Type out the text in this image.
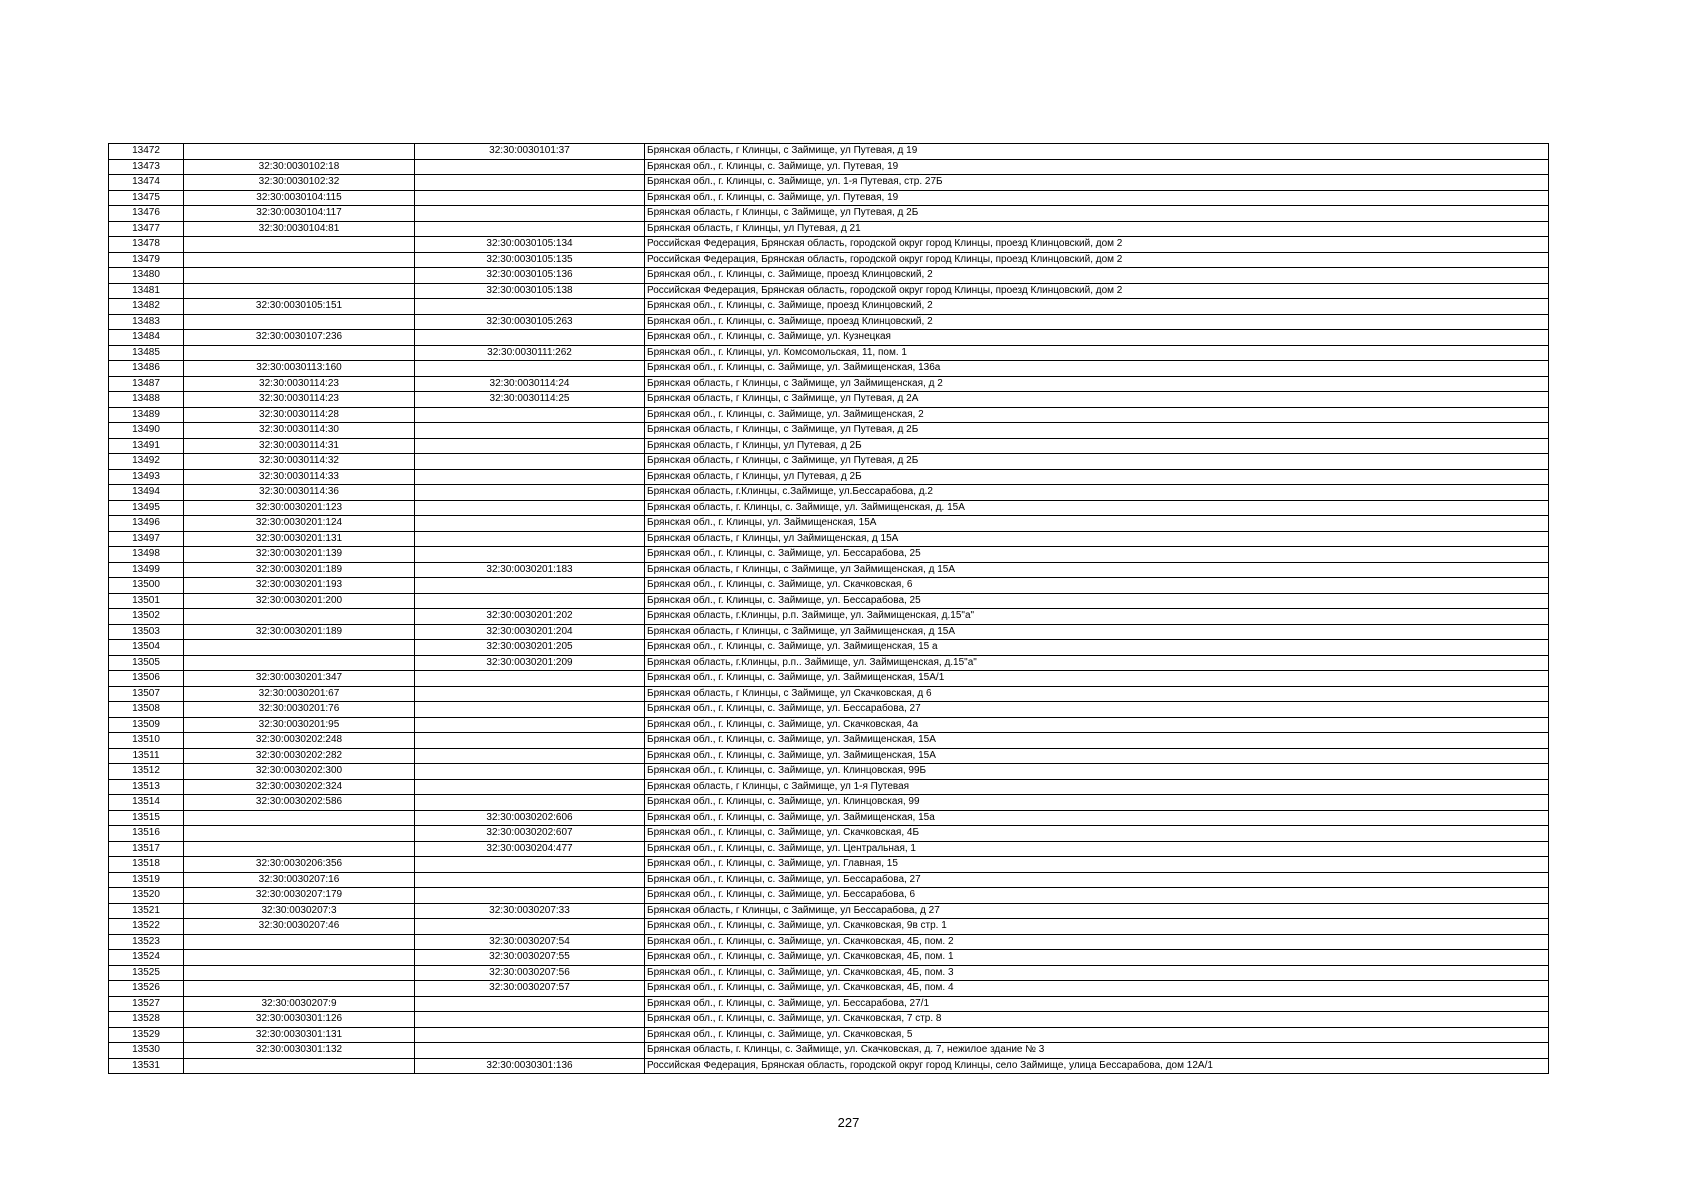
13472		32:30:0030101:37	Брянская область, г Клинцы, с Займище, ул Путевая, д 19
13473	32:30:0030102:18		Брянская обл., г. Клинцы, с. Займище, ул. Путевая, 19
13474	32:30:0030102:32		Брянская обл., г. Клинцы, с. Займище, ул. 1-я Путевая, стр. 27Б
13475	32:30:0030104:115		Брянская обл., г. Клинцы, с. Займище, ул. Путевая, 19
13476	32:30:0030104:117		Брянская область, г Клинцы, с Займище, ул Путевая, д 2Б
13477	32:30:0030104:81		Брянская область, г Клинцы, ул Путевая, д 21
13478		32:30:0030105:134	Российская Федерация, Брянская область, городской округ город Клинцы, проезд Клинцовский, дом 2
13479		32:30:0030105:135	Российская Федерация, Брянская область, городской округ город Клинцы, проезд Клинцовский, дом 2
13480		32:30:0030105:136	Брянская обл., г. Клинцы, с. Займище, проезд Клинцовский, 2
13481		32:30:0030105:138	Российская Федерация, Брянская область, городской округ город Клинцы, проезд Клинцовский, дом 2
13482	32:30:0030105:151		Брянская обл., г. Клинцы, с. Займище, проезд Клинцовский, 2
13483		32:30:0030105:263	Брянская обл., г. Клинцы, с. Займище, проезд Клинцовский, 2
13484	32:30:0030107:236		Брянская обл., г. Клинцы, с. Займище, ул. Кузнецкая
13485		32:30:0030111:262	Брянская обл., г. Клинцы, ул. Комсомольская, 11, пом. 1
13486	32:30:0030113:160		Брянская обл., г. Клинцы, с. Займище, ул. Займищенская, 136а
13487	32:30:0030114:23	32:30:0030114:24	Брянская область, г Клинцы, с Займище, ул Займищенская, д 2
13488	32:30:0030114:23	32:30:0030114:25	Брянская область, г Клинцы, с Займище, ул Путевая, д 2А
13489	32:30:0030114:28		Брянская обл., г. Клинцы, с. Займище, ул. Займищенская, 2
13490	32:30:0030114:30		Брянская область, г Клинцы, с Займище, ул Путевая, д 2Б
13491	32:30:0030114:31		Брянская область, г Клинцы, ул Путевая, д 2Б
13492	32:30:0030114:32		Брянская область, г Клинцы, с Займище, ул Путевая, д 2Б
13493	32:30:0030114:33		Брянская область, г Клинцы, ул Путевая, д 2Б
13494	32:30:0030114:36		Брянская область, г.Клинцы, с.Займище, ул.Бессарабова, д.2
13495	32:30:0030201:123		Брянская область, г. Клинцы, с. Займище, ул. Займищенская, д. 15А
13496	32:30:0030201:124		Брянская обл., г. Клинцы, ул. Займищенская, 15А
13497	32:30:0030201:131		Брянская область, г Клинцы, ул Займищенская, д 15А
13498	32:30:0030201:139		Брянская обл., г. Клинцы, с. Займище, ул. Бессарабова, 25
13499	32:30:0030201:189	32:30:0030201:183	Брянская область, г Клинцы, с Займище, ул Займищенская, д 15А
13500	32:30:0030201:193		Брянская обл., г. Клинцы, с. Займище, ул. Скачковская, 6
13501	32:30:0030201:200		Брянская обл., г. Клинцы, с. Займище, ул. Бессарабова, 25
13502		32:30:0030201:202	Брянская область, г.Клинцы, р.п. Займище, ул. Займищенская, д.15"а"
13503	32:30:0030201:189	32:30:0030201:204	Брянская область, г Клинцы, с Займище, ул Займищенская, д 15А
13504		32:30:0030201:205	Брянская обл., г. Клинцы, с. Займище, ул. Займищенская, 15 а
13505		32:30:0030201:209	Брянская область, г.Клинцы, р.п.. Займище, ул. Займищенская, д.15"а"
13506	32:30:0030201:347		Брянская обл., г. Клинцы, с. Займище, ул. Займищенская, 15А/1
13507	32:30:0030201:67		Брянская область, г Клинцы, с Займище, ул Скачковская, д 6
13508	32:30:0030201:76		Брянская обл., г. Клинцы, с. Займище, ул. Бессарабова, 27
13509	32:30:0030201:95		Брянская обл., г. Клинцы, с. Займище, ул. Скачковская, 4а
13510	32:30:0030202:248		Брянская обл., г. Клинцы, с. Займище, ул. Займищенская, 15А
13511	32:30:0030202:282		Брянская обл., г. Клинцы, с. Займище, ул. Займищенская, 15А
13512	32:30:0030202:300		Брянская обл., г. Клинцы, с. Займище, ул. Клинцовская, 99Б
13513	32:30:0030202:324		Брянская область, г Клинцы, с Займище, ул 1-я Путевая
13514	32:30:0030202:586		Брянская обл., г. Клинцы, с. Займище, ул. Клинцовская, 99
13515		32:30:0030202:606	Брянская обл., г. Клинцы, с. Займище, ул. Займищенская, 15а
13516		32:30:0030202:607	Брянская обл., г. Клинцы, с. Займище, ул. Скачковская, 4Б
13517		32:30:0030204:477	Брянская обл., г. Клинцы, с. Займище, ул. Центральная, 1
13518	32:30:0030206:356		Брянская обл., г. Клинцы, с. Займище, ул. Главная, 15
13519	32:30:0030207:16		Брянская обл., г. Клинцы, с. Займище, ул. Бессарабова, 27
13520	32:30:0030207:179		Брянская обл., г. Клинцы, с. Займище, ул. Бессарабова, 6
13521	32:30:0030207:3	32:30:0030207:33	Брянская область, г Клинцы, с Займище, ул Бессарабова, д 27
13522	32:30:0030207:46		Брянская обл., г. Клинцы, с. Займище, ул. Скачковская, 9в стр. 1
13523		32:30:0030207:54	Брянская обл., г. Клинцы, с. Займище, ул. Скачковская, 4Б, пом. 2
13524		32:30:0030207:55	Брянская обл., г. Клинцы, с. Займище, ул. Скачковская, 4Б, пом. 1
13525		32:30:0030207:56	Брянская обл., г. Клинцы, с. Займище, ул. Скачковская, 4Б, пом. 3
13526		32:30:0030207:57	Брянская обл., г. Клинцы, с. Займище, ул. Скачковская, 4Б, пом. 4
13527	32:30:0030207:9		Брянская обл., г. Клинцы, с. Займище, ул. Бессарабова, 27/1
13528	32:30:0030301:126		Брянская обл., г. Клинцы, с. Займище, ул. Скачковская, 7 стр. 8
13529	32:30:0030301:131		Брянская обл., г. Клинцы, с. Займище, ул. Скачковская, 5
13530	32:30:0030301:132		Брянская область, г. Клинцы, с. Займище, ул. Скачковская, д. 7, нежилое здание № 3
13531		32:30:0030301:136	Российская Федерация, Брянская область, городской округ город Клинцы, село Займище, улица Бессарабова, дом 12А/1
227
